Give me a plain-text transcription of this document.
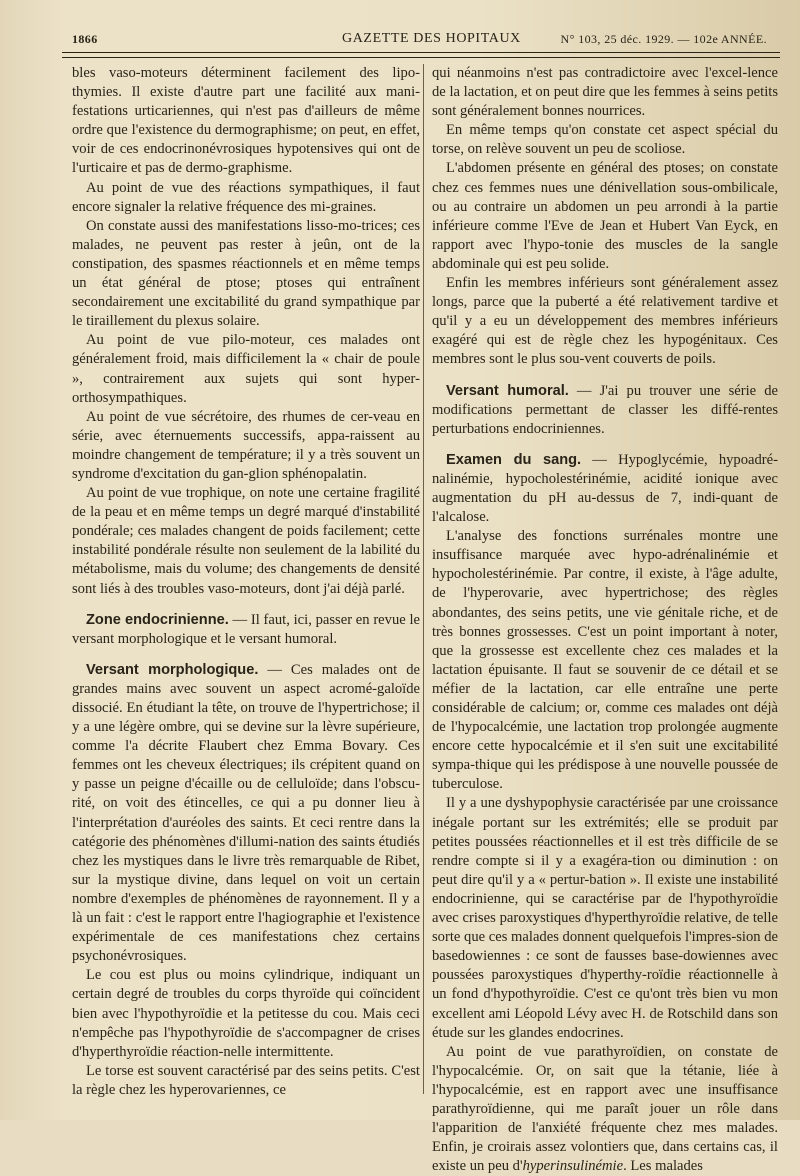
1866	GAZETTE DES HOPITAUX	N° 103, 25 déc. 1929. — 102e ANNÉE.

bles vaso-moteurs déterminent facilement des lipo-thymies. Il existe d'autre part une facilité aux mani-festations urticariennes, qui n'est pas d'ailleurs de même ordre que l'existence du dermographisme; on peut, en effet, voir de ces endocrinonévrosiques hypotensives qui ont de l'urticaire et pas de dermo-graphisme.

Au point de vue des réactions sympathiques, il faut encore signaler la relative fréquence des mi-graines.

On constate aussi des manifestations lisso-mo-trices; ces malades, ne peuvent pas rester à jeûn, ont de la constipation, des spasmes réactionnels et en même temps un état général de ptose; ptoses qui entraînent secondairement une excitabilité du grand sympathique par le tiraillement du plexus solaire.

Au point de vue pilo-moteur, ces malades ont généralement froid, mais difficilement la « chair de poule », contrairement aux sujets qui sont hyper-orthosympathiques.

Au point de vue sécrétoire, des rhumes de cer-veau en série, avec éternuements successifs, appa-raissent au moindre changement de température; il y a très souvent un syndrome d'excitation du gan-glion sphénopalatin.

Au point de vue trophique, on note une certaine fragilité de la peau et en même temps un degré marqué d'instabilité pondérale; ces malades changent de poids facilement; cette instabilité pondérale résulte non seulement de la labilité du métabolisme, mais du volume; des changements de densité sont liés à des troubles vaso-moteurs, dont j'ai déjà parlé.

Zone endocrinienne. — Il faut, ici, passer en revue le versant morphologique et le versant humoral.

Versant morphologique. — Ces malades ont de grandes mains avec souvent un aspect acromé-galoïde dissocié. En étudiant la tête, on trouve de l'hypertrichose; il y a une légère ombre, qui se devine sur la lèvre supérieure, comme l'a décrite Flaubert chez Emma Bovary. Ces femmes ont les cheveux électriques; ils crépitent quand on y passe un peigne d'écaille ou de celluloïde; dans l'obscu-rité, on voit des étincelles, ce qui a pu donner lieu à l'interprétation d'auréoles des saints. Et ceci rentre dans la catégorie des phénomènes d'illumi-nation des saints étudiés chez les mystiques dans le livre très remarquable de Ribet, sur la mystique divine, dans lequel on voit un certain nombre d'exemples de phénomènes de rayonnement. Il y a là un fait : c'est le rapport entre l'hagiographie et l'existence expérimentale de ces manifestations chez certains psychonévrosiques.

Le cou est plus ou moins cylindrique, indiquant un certain degré de troubles du corps thyroïde qui coïncident bien avec l'hypothyroïdie et la petitesse du cou. Mais ceci n'empêche pas l'hypothyroïdie de s'accompagner de crises d'hyperthyroïdie réaction-nelle intermittente.

Le torse est souvent caractérisé par des seins petits. C'est la règle chez les hyperovariennes, ce

qui néanmoins n'est pas contradictoire avec l'excel-lence de la lactation, et on peut dire que les femmes à seins petits sont généralement bonnes nourrices.

En même temps qu'on constate cet aspect spécial du torse, on relève souvent un peu de scoliose.

L'abdomen présente en général des ptoses; on constate chez ces femmes nues une dénivellation sous-ombilicale, ou au contraire un abdomen un peu arrondi à la partie inférieure comme l'Eve de Jean et Hubert Van Eyck, en rapport avec l'hypo-tonie des muscles de la sangle abdominale qui est peu solide.

Enfin les membres inférieurs sont généralement assez longs, parce que la puberté a été relativement tardive et qu'il y a eu un développement des membres inférieurs exagéré qui est de règle chez les hypogénitaux. Ces membres sont le plus sou-vent couverts de poils.

Versant humoral. — J'ai pu trouver une série de modifications permettant de classer les diffé-rentes perturbations endocriniennes.

Examen du sang. — Hypoglycémie, hypoadré-nalinémie, hypocholestérinémie, acidité ionique avec augmentation du pH au-dessus de 7, indi-quant de l'alcalose.

L'analyse des fonctions surrénales montre une insuffisance marquée avec hypo-adrénalinémie et hypocholestérinémie. Par contre, il existe, à l'âge adulte, de l'hyperovarie, avec hypertrichose; des règles abondantes, des seins petits, une vie génitale riche, et de très bonnes grossesses. C'est un point important à noter, que la grossesse est excellente chez ces malades et la lactation épuisante. Il faut se souvenir de ce détail et se méfier de la lactation, car elle entraîne une perte considérable de calcium; or, comme ces malades ont déjà de l'hypocalcémie, une lactation trop prolongée augmente encore cette hypocalcémie et il s'en suit une excitabilité sympa-thique qui les prédispose à une nouvelle poussée de tuberculose.

Il y a une dyshypophysie caractérisée par une croissance inégale portant sur les extrémités; elle se produit par petites poussées réactionnelles et il est très difficile de se rendre compte si il y a exagéra-tion ou diminution : on peut dire qu'il y a « pertur-bation ». Il existe une instabilité endocrinienne, qui se caractérise par de l'hypothyroïdie avec crises paroxystiques d'hyperthyroïdie relative, de telle sorte que ces malades donnent quelquefois l'impres-sion de basedowiennes : ce sont de fausses base-dowiennes avec poussées paroxystiques d'hyperthy-roïdie réactionnelle à un fond d'hypothyroïdie. C'est ce qu'ont très bien vu mon excellent ami Léopold Lévy avec H. de Rotschild dans son étude sur les glandes endocrines.

Au point de vue parathyroïdien, on constate de l'hypocalcémie. Or, on sait que la tétanie, liée à l'hypocalcémie, est en rapport avec une insuffisance parathyroïdienne, qui me paraît jouer un rôle dans l'apparition de l'anxiété fréquente chez mes malades. Enfin, je croirais assez volontiers que, dans certains cas, il existe un peu d'hyperinsulinémie. Les malades
